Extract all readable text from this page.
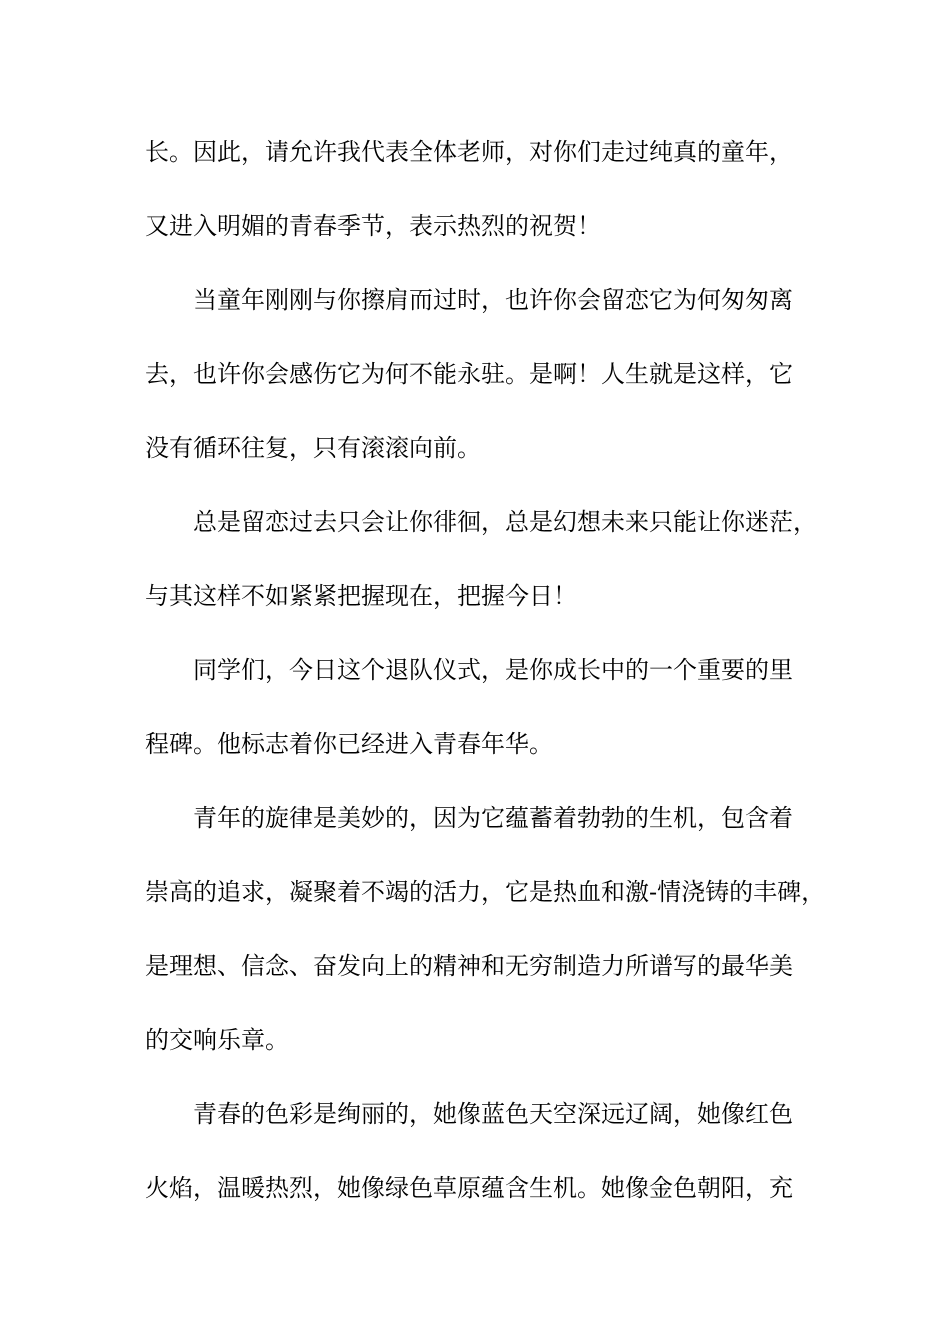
长。因此，请允许我代表全体老师，对你们走过纯真的童年，
又进入明媚的青春季节，表示热烈的祝贺！
　　当童年刚刚与你擦肩而过时，也许你会留恋它为何匆匆离
去，也许你会感伤它为何不能永驻。是啊！人生就是这样，它
没有循环往复，只有滚滚向前。
　　总是留恋过去只会让你徘徊，总是幻想未来只能让你迷茫，
与其这样不如紧紧把握现在，把握今日！
　　同学们，今日这个退队仪式，是你成长中的一个重要的里
程碑。他标志着你已经进入青春年华。
　　青年的旋律是美妙的，因为它蕴蓄着勃勃的生机，包含着
崇高的追求，凝聚着不竭的活力，它是热血和激-情浇铸的丰碑，
是理想、信念、奋发向上的精神和无穷制造力所谱写的最华美
的交响乐章。
　　青春的色彩是绚丽的，她像蓝色天空深远辽阔，她像红色
火焰，温暖热烈，她像绿色草原蕴含生机。她像金色朝阳，充
